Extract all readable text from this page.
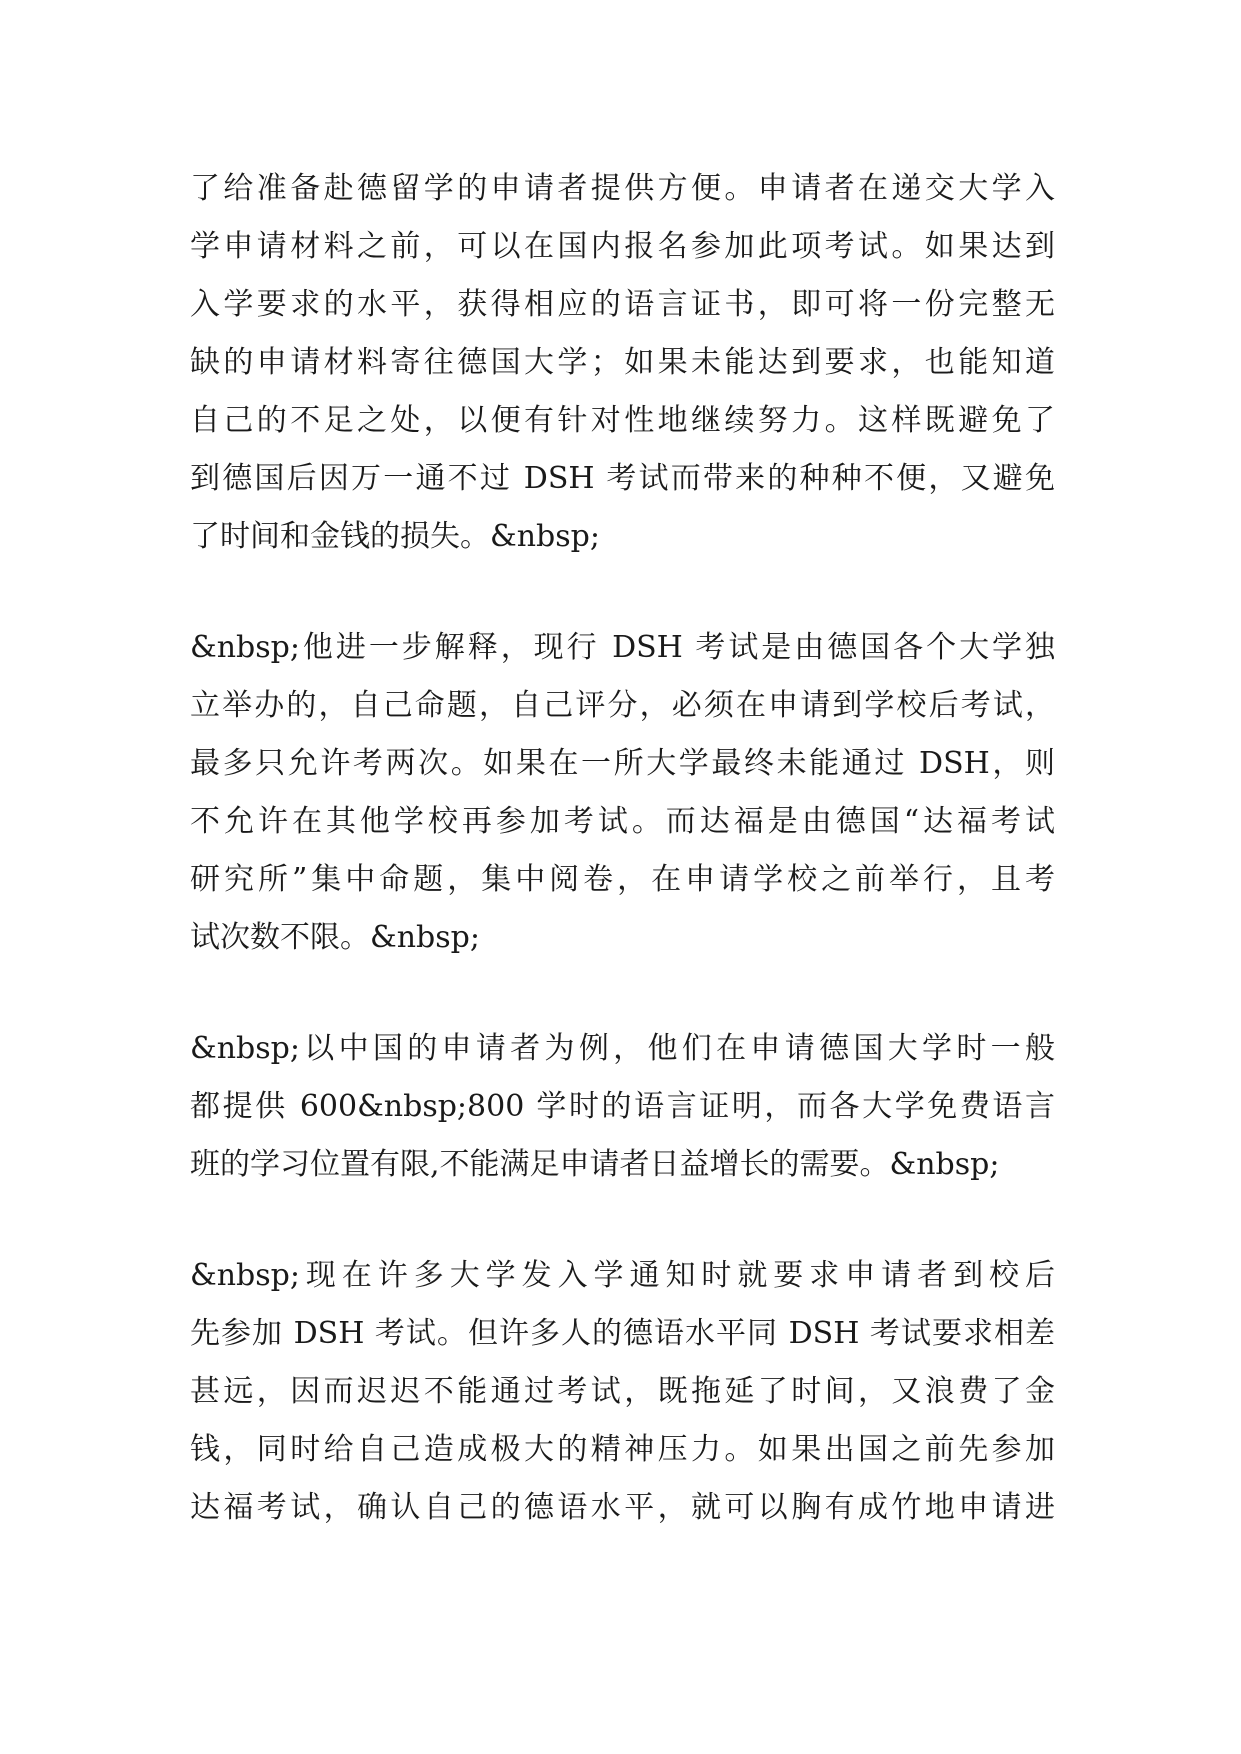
了给准备赴德留学的申请者提供方便。申请者在递交大学入
学申请材料之前，可以在国内报名参加此项考试。如果达到
入学要求的水平，获得相应的语言证书，即可将一份完整无
缺的申请材料寄往德国大学；如果未能达到要求，也能知道
自己的不足之处，以便有针对性地继续努力。这样既避免了
到德国后因万一通不过 DSH 考试而带来的种种不便，又避免
了时间和金钱的损失。&nbsp;
&nbsp;他进一步解释，现行 DSH 考试是由德国各个大学独
立举办的，自己命题，自己评分，必须在申请到学校后考试，
最多只允许考两次。如果在一所大学最终未能通过 DSH，则
不允许在其他学校再参加考试。而达福是由德国“达福考试
研究所”集中命题，集中阅卷，在申请学校之前举行，且考
试次数不限。&nbsp;
&nbsp;以中国的申请者为例，他们在申请德国大学时一般
都提供 600&nbsp;800 学时的语言证明，而各大学免费语言
班的学习位置有限,不能满足申请者日益增长的需要。&nbsp;
&nbsp;现在许多大学发入学通知时就要求申请者到校后
先参加 DSH 考试。但许多人的德语水平同 DSH 考试要求相差
甚远，因而迟迟不能通过考试，既拖延了时间，又浪费了金
钱，同时给自己造成极大的精神压力。如果出国之前先参加
达福考试，确认自己的德语水平，就可以胸有成竹地申请进
